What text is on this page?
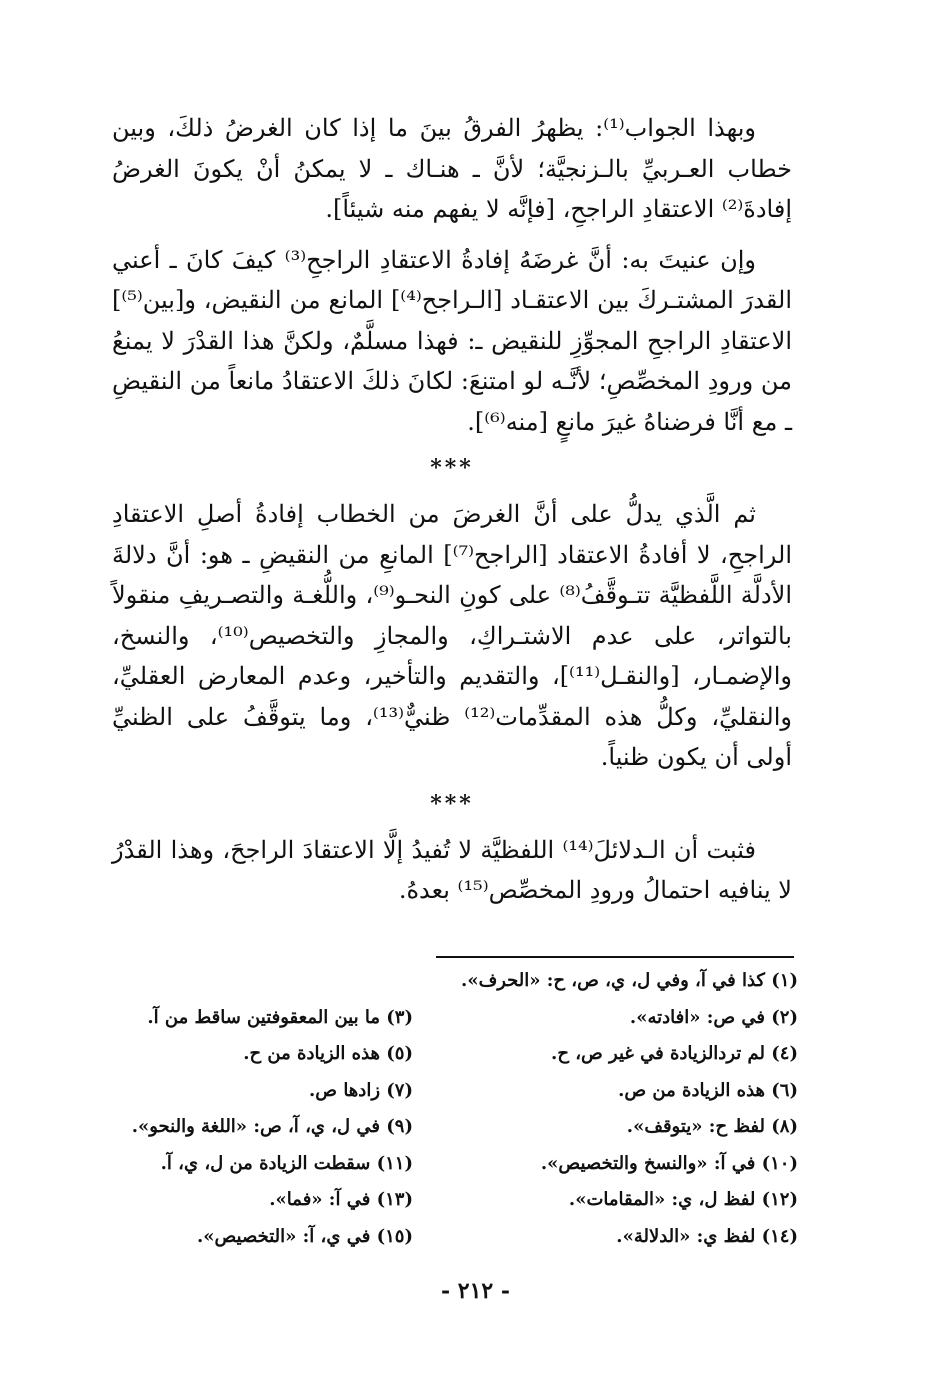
وبهذا الجواب⁽¹⁾: يظهرُ الفرقُ بينَ ما إذا كان الغرضُ ذلكَ، وبين خطاب العـربيِّ بالـزنجيَّة؛ لأنَّ ـ هنـاك ـ لا يمكنُ أنْ يكونَ الغرضُ إفادةَ⁽²⁾ الاعتقادِ الراجحِ، [فإنَّه لا يفهم منه شيئاً].

وإن عنيتَ به: أنَّ غرضَهُ إفادةُ الاعتقادِ الراجحِ⁽³⁾ كيفَ كانَ ـ أعني القدرَ المشتـركَ بين الاعتقـاد [الـراجح⁽⁴⁾] المانع من النقيض، و[بين⁽⁵⁾] الاعتقادِ الراجحِ المجوِّزِ للنقيض ـ: فهذا مسلَّمٌ، ولكنَّ هذا القدْرَ لا يمنعُ من ورودِ المخصِّصِ؛ لأنَّـه لو امتنعَ: لكانَ ذلكَ الاعتقادُ مانعاً من النقيضِ ـ مع أنَّا فرضناهُ غيرَ مانعٍ [منه⁽⁶⁾].

***

ثم الَّذي يدلُّ على أنَّ الغرضَ من الخطاب إفادةُ أصلِ الاعتقادِ الراجحِ، لا أفادةُ الاعتقاد [الراجح⁽⁷⁾] المانعِ من النقيضِ ـ هو: أنَّ دلالةَ الأدلَّة اللَّفظيَّة تتـوقَّفُ⁽⁸⁾ على كونِ النحـو⁽⁹⁾، واللُّغـة والتصـريفِ منقولاً بالتواتر، على عدم الاشتـراكِ، والمجازِ والتخصيص⁽¹⁰⁾، والنسخ، والإضمـار، [والنقـل⁽¹¹⁾]، والتقديم والتأخير، وعدم المعارض العقليِّ، والنقليِّ، وكلُّ هذه المقدِّمات⁽¹²⁾ ظنيٌّ⁽¹³⁾، وما يتوقَّفُ على الظنيِّ أولى أن يكون ظنياً.

***

فثبت أن الـدلائلَ⁽¹⁴⁾ اللفظيَّة لا تُفيدُ إلَّا الاعتقادَ الراجحَ، وهذا القدْرُ لا ينافيه احتمالُ ورودِ المخصِّص⁽¹⁵⁾ بعدهُ.

(١) كذا في آ، وفي ل، ي، ص، ح: «الحرف».
(٢) في ص: «افادته».
(٣) ما بين المعقوفتين ساقط من آ.
(٤) لم تردالزيادة في غير ص، ح.
(٥) هذه الزيادة من ح.
(٦) هذه الزيادة من ص.
(٧) زادها ص.
(٨) لفظ ح: «يتوقف».
(٩) في ل، ي، آ، ص: «اللغة والنحو».
(١٠) في آ: «والنسخ والتخصيص».
(١١) سقطت الزيادة من ل، ي، آ.
(١٢) لفظ ل، ي: «المقامات».
(١٣) في آ: «فما».
(١٤) لفظ ي: «الدلالة».
(١٥) في ي، آ: «التخصيص».
- ٢١٢ -
